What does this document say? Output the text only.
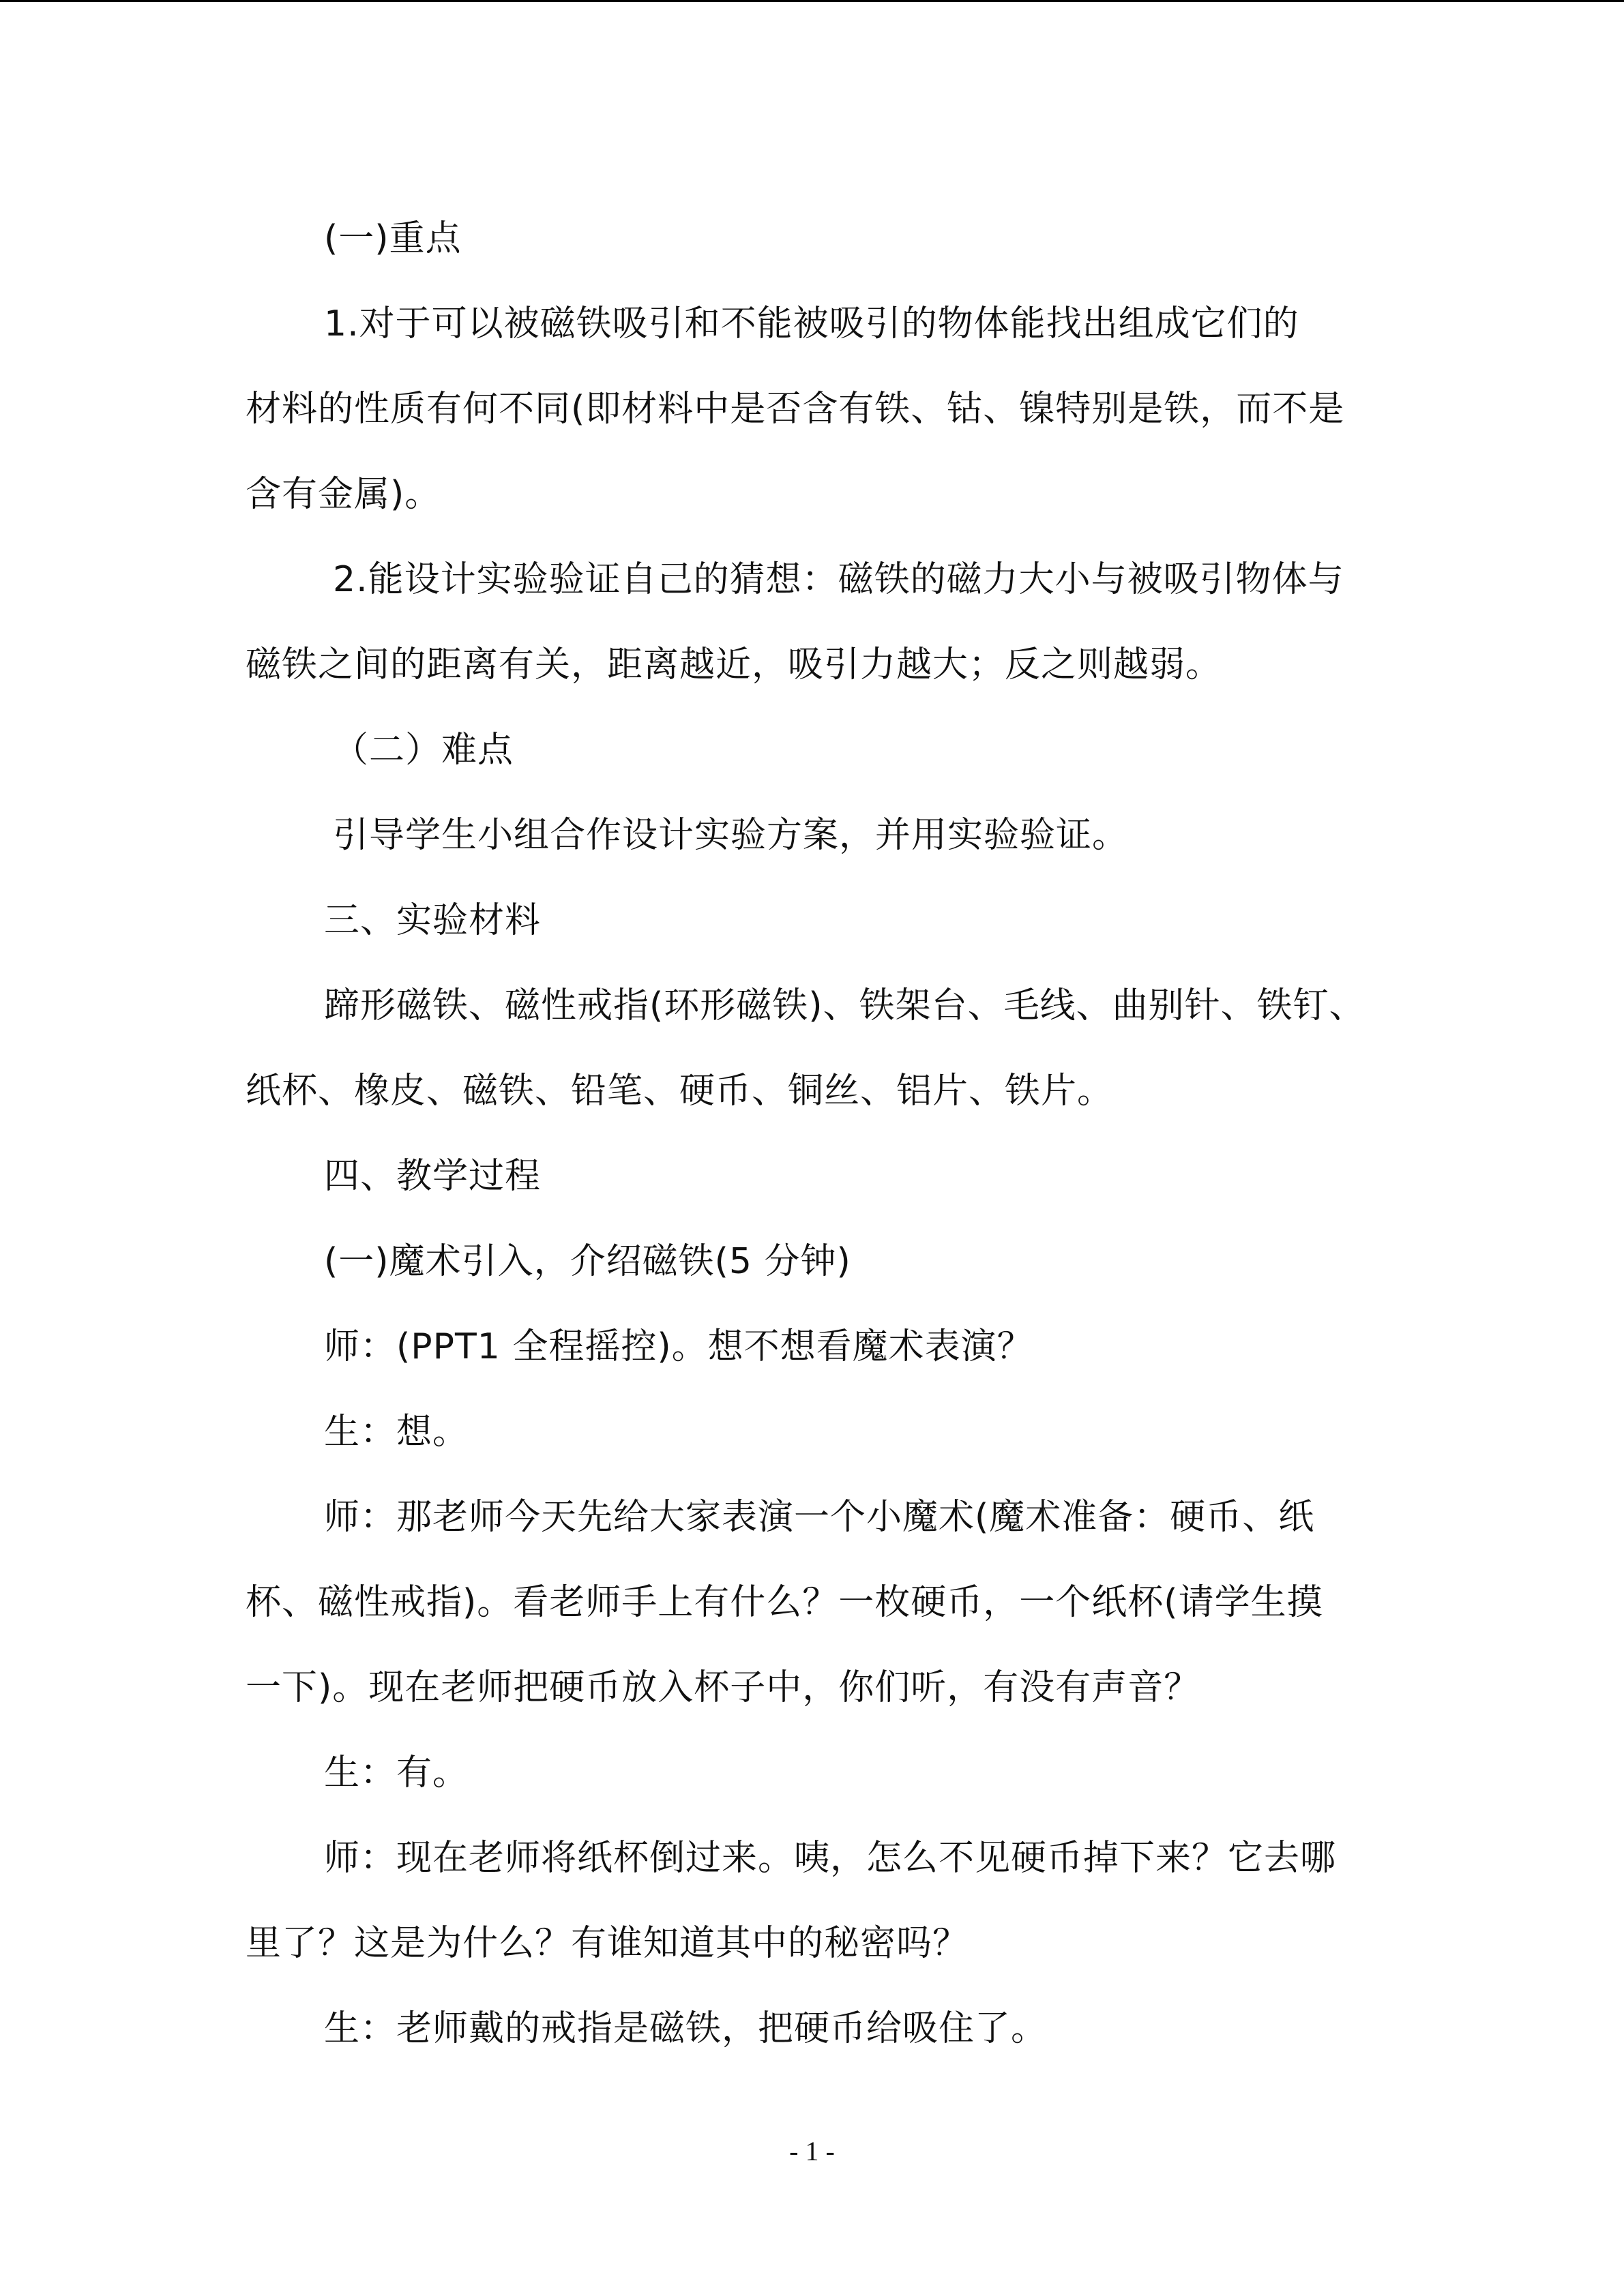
(一)重点
1.对于可以被磁铁吸引和不能被吸引的物体能找出组成它们的
材料的性质有何不同(即材料中是否含有铁、钴、镍特别是铁，而不是
含有金属)。
2.能设计实验验证自己的猜想：磁铁的磁力大小与被吸引物体与
磁铁之间的距离有关，距离越近，吸引力越大；反之则越弱。
（二）难点
引导学生小组合作设计实验方案，并用实验验证。
三、实验材料
蹄形磁铁、磁性戒指(环形磁铁)、铁架台、毛线、曲别针、铁钉、
纸杯、橡皮、磁铁、铅笔、硬币、铜丝、铝片、铁片。
四、教学过程
(一)魔术引入，介绍磁铁(5 分钟)
师：(PPT1 全程摇控)。想不想看魔术表演？
生：想。
师：那老师今天先给大家表演一个小魔术(魔术准备：硬币、纸
杯、磁性戒指)。看老师手上有什么？一枚硬币，一个纸杯(请学生摸
一下)。现在老师把硬币放入杯子中，你们听，有没有声音？
生：有。
师：现在老师将纸杯倒过来。咦，怎么不见硬币掉下来？它去哪
里了？这是为什么？有谁知道其中的秘密吗？
生：老师戴的戒指是磁铁，把硬币给吸住了。
- 1 -
